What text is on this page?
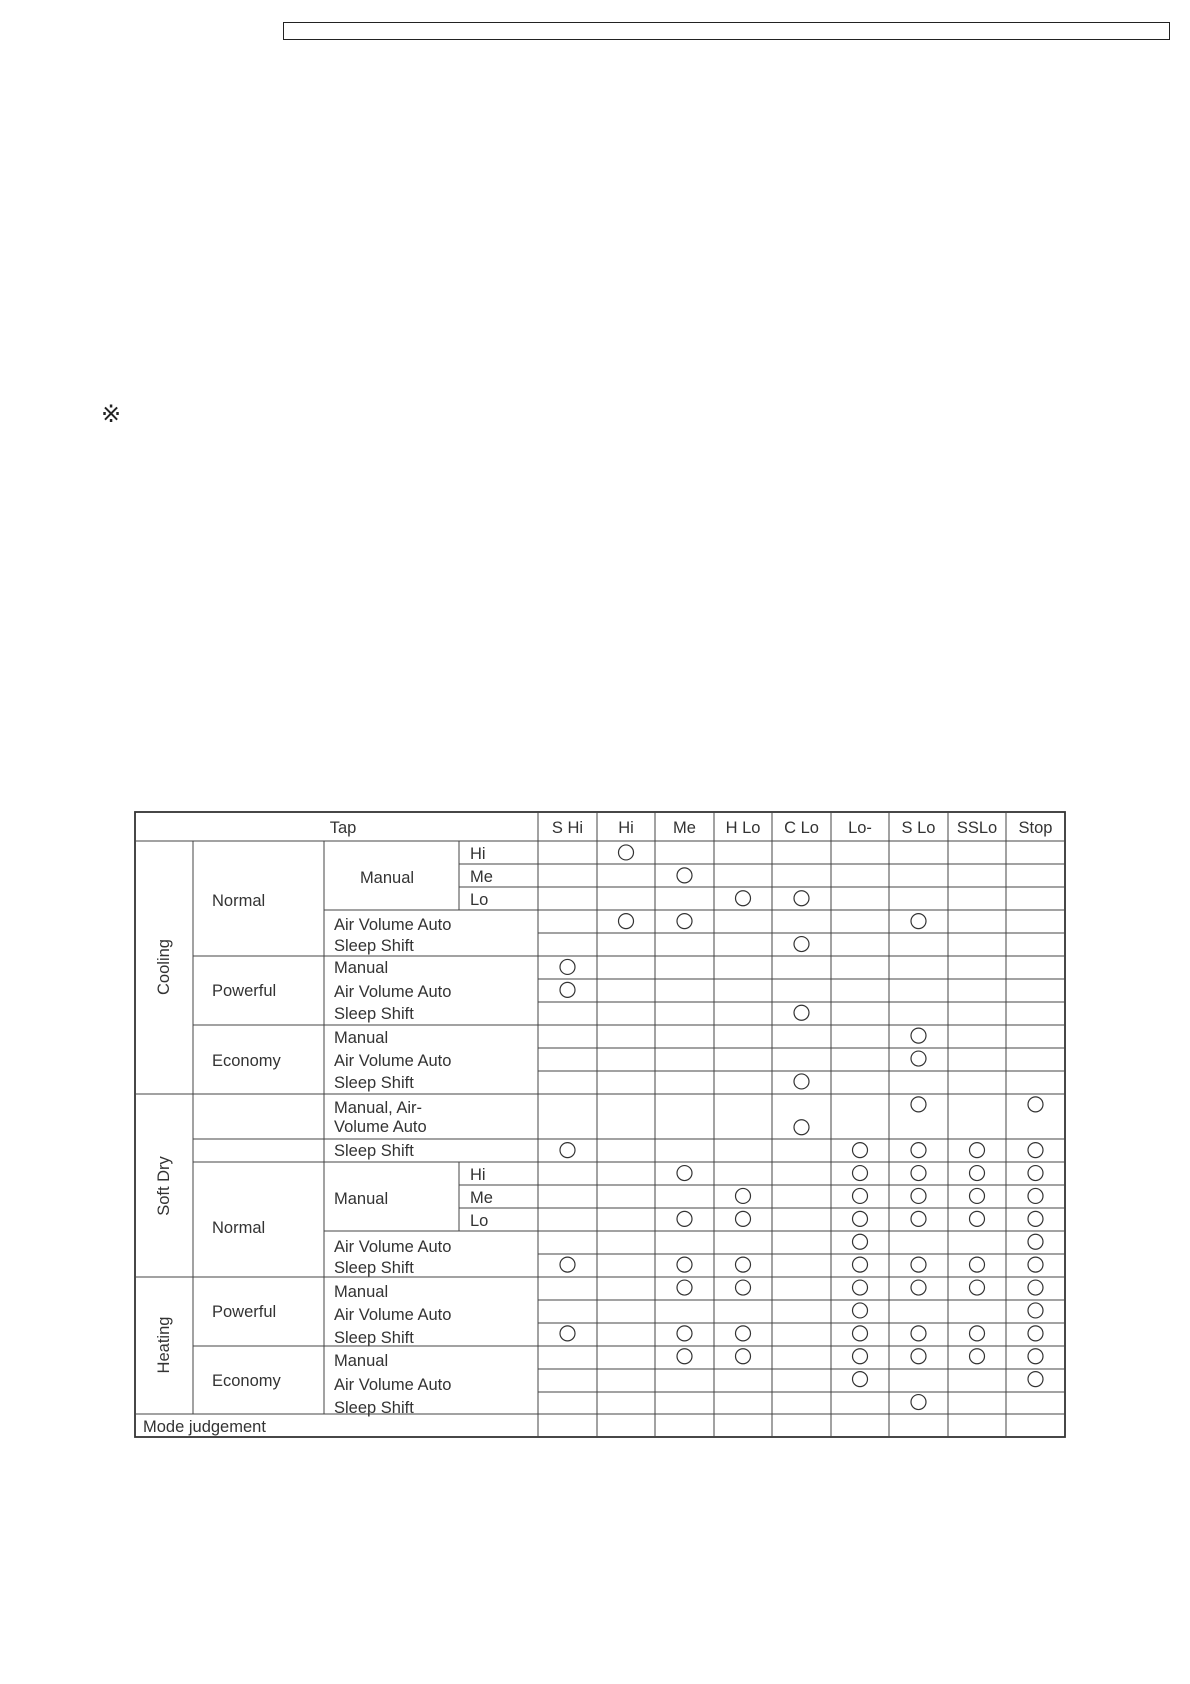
※
Tap	S Hi Hi Me H Lo C Lo Lo- S Lo SSLo Stop
Cooling
Soft Dry
Heating
Normal
Powerful
Economy
Normal
Powerful
Economy
Manual
Manual
Hi
Me
Lo
Hi
Me
Lo
Air Volume Auto
Sleep Shift
Manual
Air Volume Auto
Sleep Shift
Manual
Air Volume Auto
Sleep Shift
Manual, Air-
Volume Auto
Sleep Shift
Air Volume Auto
Sleep Shift
Manual
Air Volume Auto
Sleep Shift
Manual
Air Volume Auto
Sleep Shift
Mode judgement
